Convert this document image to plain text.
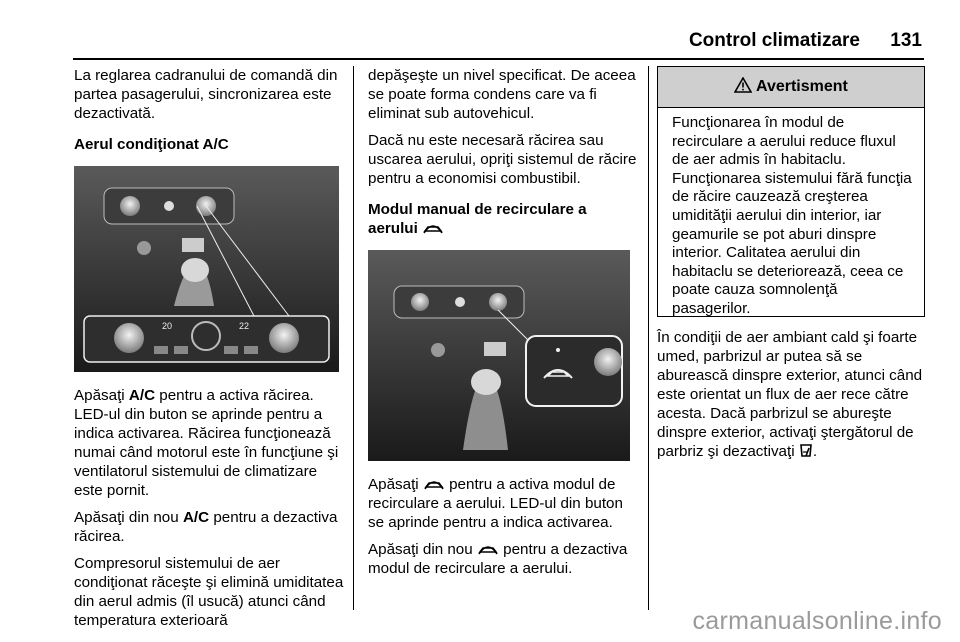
Control climatizare 131

La reglarea cadranului de comandă din partea pasagerului, sincronizarea este dezactivată.

Aerul condiţionat A/C
20	22

Apăsaţi A/C pentru a activa răcirea. LED-ul din buton se aprinde pentru a indica activarea. Răcirea funcţionează numai când motorul este în funcţiune şi ventilatorul sistemului de climatizare este pornit.

Apăsaţi din nou A/C pentru a dezactiva răcirea.

Compresorul sistemului de aer condiţionat răceşte şi elimină umiditatea din aerul admis (îl usucă) atunci când temperatura exterioară

depăşeşte un nivel specificat. De aceea se poate forma condens care va fi eliminat sub autovehicul.

Dacă nu este necesară răcirea sau uscarea aerului, opriţi sistemul de răcire pentru a economisi combustibil.

Modul manual de recirculare a aerului

Apăsaţi  pentru a activa modul de recirculare a aerului. LED-ul din buton se aprinde pentru a indica activarea.

Apăsaţi din nou  pentru a dezactiva modul de recirculare a aerului.

Avertisment
Funcţionarea în modul de recirculare a aerului reduce fluxul de aer admis în habitaclu. Funcţionarea sistemului fără funcţia de răcire cauzează creşterea umidităţii aerului din interior, iar geamurile se pot aburi dinspre interior. Calitatea aerului din habitaclu se deteriorează, ceea ce poate cauza somnolenţă pasagerilor.

În condiţii de aer ambiant cald şi foarte umed, parbrizul ar putea să se aburească dinspre exterior, atunci când este orientat un flux de aer rece către acesta. Dacă parbrizul se abureşte dinspre exterior, activaţi ştergătorul de parbriz şi dezactivaţi .

carmanualsonline.info
